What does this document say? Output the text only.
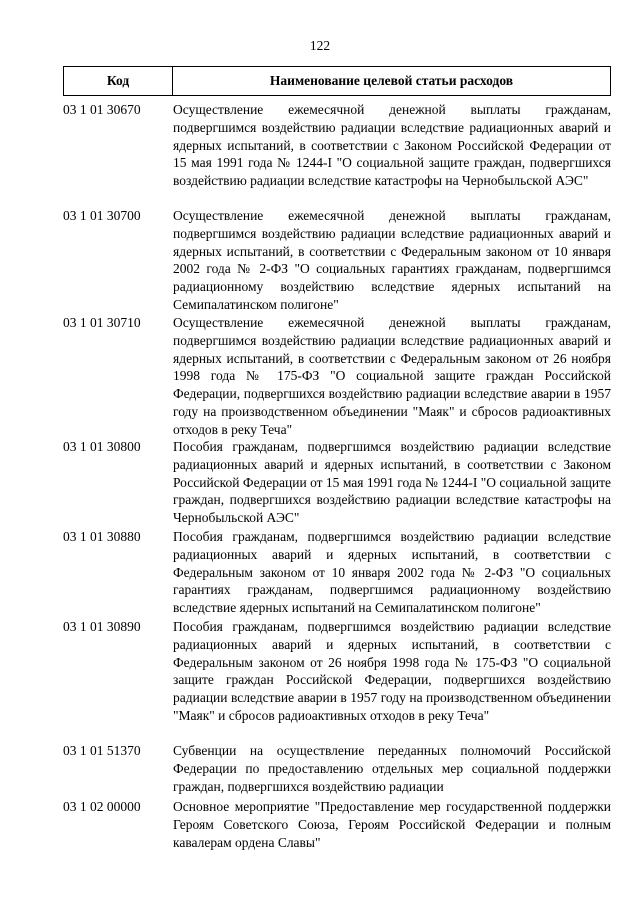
122
Код	Наименование целевой статьи расходов
03 1 01 30670	Осуществление ежемесячной денежной выплаты гражданам, подвергшимся воздействию радиации вследствие радиационных аварий и ядерных испытаний, в соответствии с Законом Российской Федерации от 15 мая 1991 года № 1244-I "О социальной защите граждан, подвергшихся воздействию радиации вследствие катастрофы на Чернобыльской АЭС"
03 1 01 30700	Осуществление ежемесячной денежной выплаты гражданам, подвергшимся воздействию радиации вследствие радиационных аварий и ядерных испытаний, в соответствии с Федеральным законом от 10 января 2002 года № 2-ФЗ "О социальных гарантиях гражданам, подвергшимся радиационному воздействию вследствие ядерных испытаний на Семипалатинском полигоне"
03 1 01 30710	Осуществление ежемесячной денежной выплаты гражданам, подвергшимся воздействию радиации вследствие радиационных аварий и ядерных испытаний, в соответствии с Федеральным законом от 26 ноября 1998 года № 175-ФЗ "О социальной защите граждан Российской Федерации, подвергшихся воздействию радиации вследствие аварии в 1957 году на производственном объединении "Маяк" и сбросов радиоактивных отходов в реку Теча"
03 1 01 30800	Пособия гражданам, подвергшимся воздействию радиации вследствие радиационных аварий и ядерных испытаний, в соответствии с Законом Российской Федерации от 15 мая 1991 года № 1244-I "О социальной защите граждан, подвергшихся воздействию радиации вследствие катастрофы на Чернобыльской АЭС"
03 1 01 30880	Пособия гражданам, подвергшимся воздействию радиации вследствие радиационных аварий и ядерных испытаний, в соответствии с Федеральным законом от 10 января 2002 года № 2-ФЗ "О социальных гарантиях гражданам, подвергшимся радиационному воздействию вследствие ядерных испытаний на Семипалатинском полигоне"
03 1 01 30890	Пособия гражданам, подвергшимся воздействию радиации вследствие радиационных аварий и ядерных испытаний, в соответствии с Федеральным законом от 26 ноября 1998 года № 175-ФЗ "О социальной защите граждан Российской Федерации, подвергшихся воздействию радиации вследствие аварии в 1957 году на производственном объединении "Маяк" и сбросов радиоактивных отходов в реку Теча"
03 1 01 51370	Субвенции на осуществление переданных полномочий Российской Федерации по предоставлению отдельных мер социальной поддержки граждан, подвергшихся воздействию радиации
03 1 02 00000	Основное мероприятие "Предоставление мер государственной поддержки Героям Советского Союза, Героям Российской Федерации и полным кавалерам ордена Славы"
